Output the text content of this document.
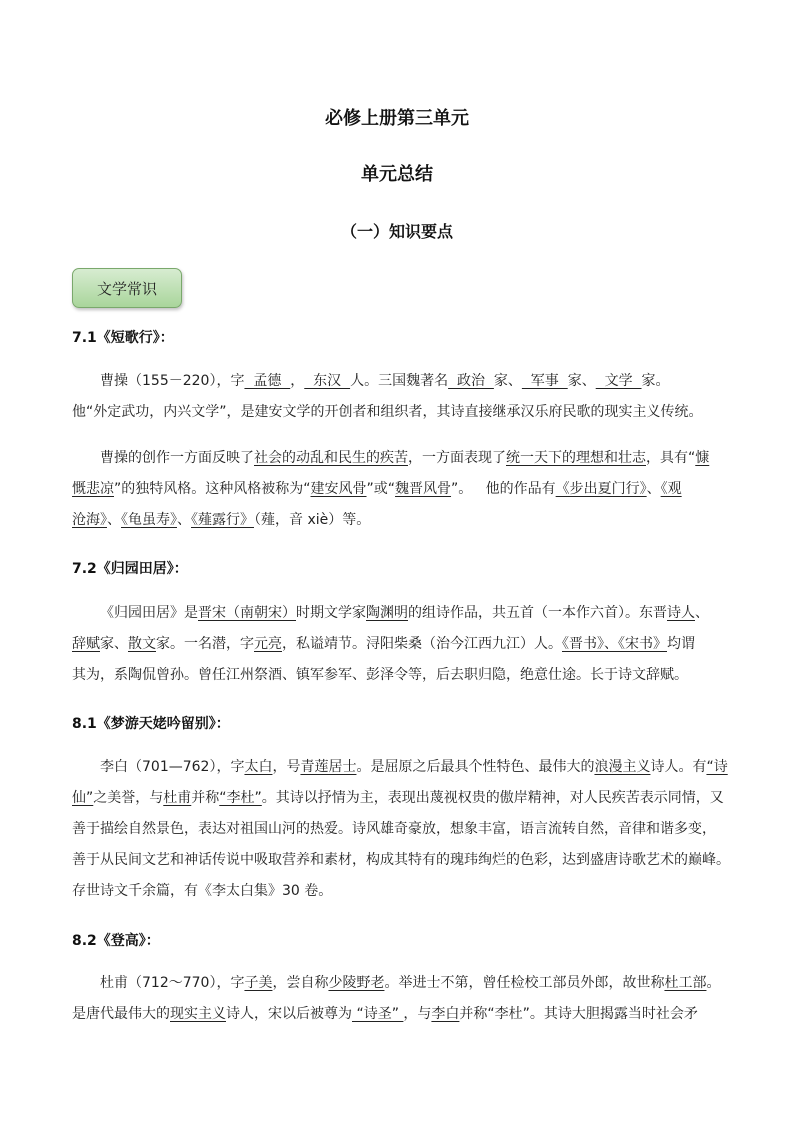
必修上册第三单元
单元总结
（一）知识要点
文学常识
7.1《短歌行》：
曹操（155－220），字  孟德  ，  东汉  人。三国魏著名  政治  家、  军事  家、  文学  家。
他“外定武功，内兴文学”，是建安文学的开创者和组织者，其诗直接继承汉乐府民歌的现实主义传统。
曹操的创作一方面反映了社会的动乱和民生的疾苦，一方面表现了统一天下的理想和壮志，具有“慷
慨悲凉”的独特风格。这种风格被称为“建安风骨”或“魏晋风骨”。   他的作品有《步出夏门行》、《观
沧海》、《龟虽寿》、《薤露行》（薤，音 xiè）等。
7.2《归园田居》：
《归园田居》是晋宋（南朝宋）时期文学家陶渊明的组诗作品，共五首（一本作六首）。东晋诗人、
辞赋家、散文家。一名潜，字元亮，私谥靖节。浔阳柴桑（治今江西九江）人。《晋书》、《宋书》均谓
其为，系陶侃曾孙。曾任江州祭酒、镇军参军、彭泽令等，后去职归隐，绝意仕途。长于诗文辞赋。
8.1《梦游天姥吟留别》：
李白（701—762），字太白，号青莲居士。是屈原之后最具个性特色、最伟大的浪漫主义诗人。有“诗
仙”之美誉，与杜甫并称“李杜”。其诗以抒情为主，表现出蔑视权贵的傲岸精神，对人民疾苦表示同情，又
善于描绘自然景色，表达对祖国山河的热爱。诗风雄奇豪放，想象丰富，语言流转自然，音律和谐多变，
善于从民间文艺和神话传说中吸取营养和素材，构成其特有的瑰玮绚烂的色彩，达到盛唐诗歌艺术的巅峰。
存世诗文千余篇，有《李太白集》30 卷。
8.2《登高》：
杜甫（712～770），字子美，尝自称少陵野老。举进士不第，曾任检校工部员外郎，故世称杜工部。
是唐代最伟大的现实主义诗人，宋以后被尊为 “诗圣” ，与李白并称“李杜”。其诗大胆揭露当时社会矛
